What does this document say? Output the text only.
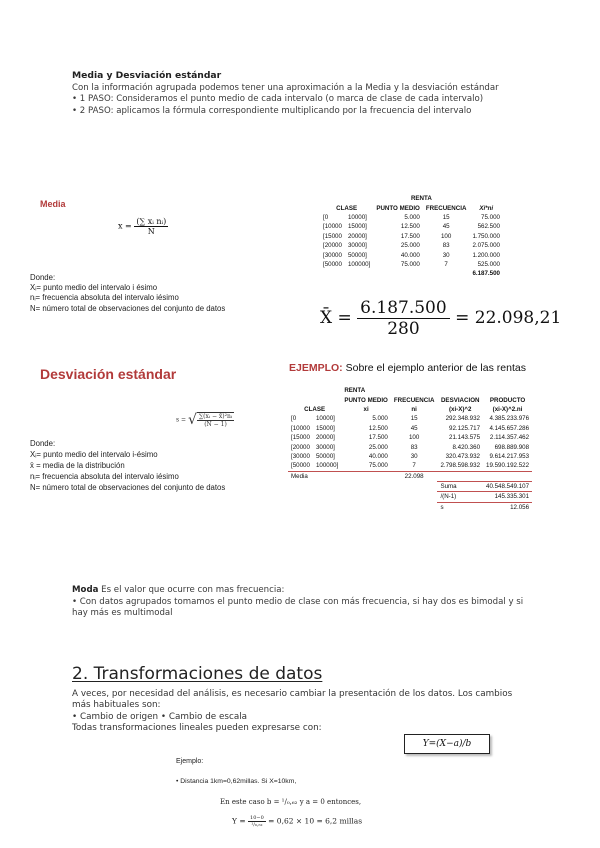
Media y Desviación estándar

Con la información agrupada podemos tener una aproximación a la Media y la desviación estándar

• 1 PASO: Consideramos el punto medio de cada intervalo (o marca de clase de cada intervalo)

• 2 PASO: aplicamos la fórmula correspondiente multiplicando por la frecuencia del intervalo

Media
$x = \frac{\text{(∑ xᵢ nᵢ)}}{N}$

Donde:

Xᵢ= punto medio del intervalo i ésimo

nᵢ= frecuencia absoluta del intervalo iésimo

N= número total de observaciones del conjunto de datos

		RENTA		
CLASE		PUNTO MEDIO	FRECUENCIA	Xi*ni
[0	10000]	5.000	15	75.000
[10000	15000]	12.500	45	562.500
[15000	20000]	17.500	100	1.750.000
[20000	30000]	25.000	83	2.075.000
[30000	50000]	40.000	30	1.200.000
[50000	100000]	75.000	7	525.000
				6.187.500
X̄ = $\frac{6.187.500}{280} = 22.098,21$
Desviación estándar	EJEMPLO: Sobre el ejemplo anterior de las rentas
s = √ $\frac{\text{∑(xᵢ − x̄)²nᵢ}}{(N - 1)}$

Donde:

Xᵢ= punto medio del intervalo i-ésimo

x̄ = media de la distribución

nᵢ= frecuencia absoluta del intervalo iésimo

N= número total de observaciones del conjunto de datos

		RENTA			
		PUNTO MEDIO	FRECUENCIA	DESVIACION	PRODUCTO
CLASE		xi	ni	(xi-X)^2	(xi-X)^2.ni
[0	10000]	5.000	15	292.348.932	4.385.233.976
[10000	15000]	12.500	45	92.125.717	4.145.657.286
[15000	20000]	17.500	100	21.143.575	2.114.357.462
[20000	30000]	25.000	83	8.420.360	698.889.908
[30000	50000]	40.000	30	320.473.932	9.614.217.953
[50000	100000]	75.000	7	2.798.598.932	19.590.192.522
Media			22.098		
				Suma	40.548.549.107
				/(N-1)	145.335.301
				s	12.056

Moda Es el valor que ocurre con mas frecuencia:

• Con datos agrupados tomamos el punto medio de clase con más frecuencia, si hay dos es bimodal y si hay más es multimodal

2. Transformaciones de datos

A veces, por necesidad del análisis, es necesario cambiar la presentación de los datos. Los cambios

más habituales son:

• Cambio de origen • Cambio de escala

Todas transformaciones lineales pueden expresarse con:

Y=(X−a)/b
Ejemplo:
• Distancia 1km=0,62millas. Si X=10km,
En este caso b = ¹/₀,₆₂ y a = 0 entonces,
$Y = \frac{10-0}{\text{¹/₀,₆₂}} = 0,62 \times 10 = 6,2$ millas
